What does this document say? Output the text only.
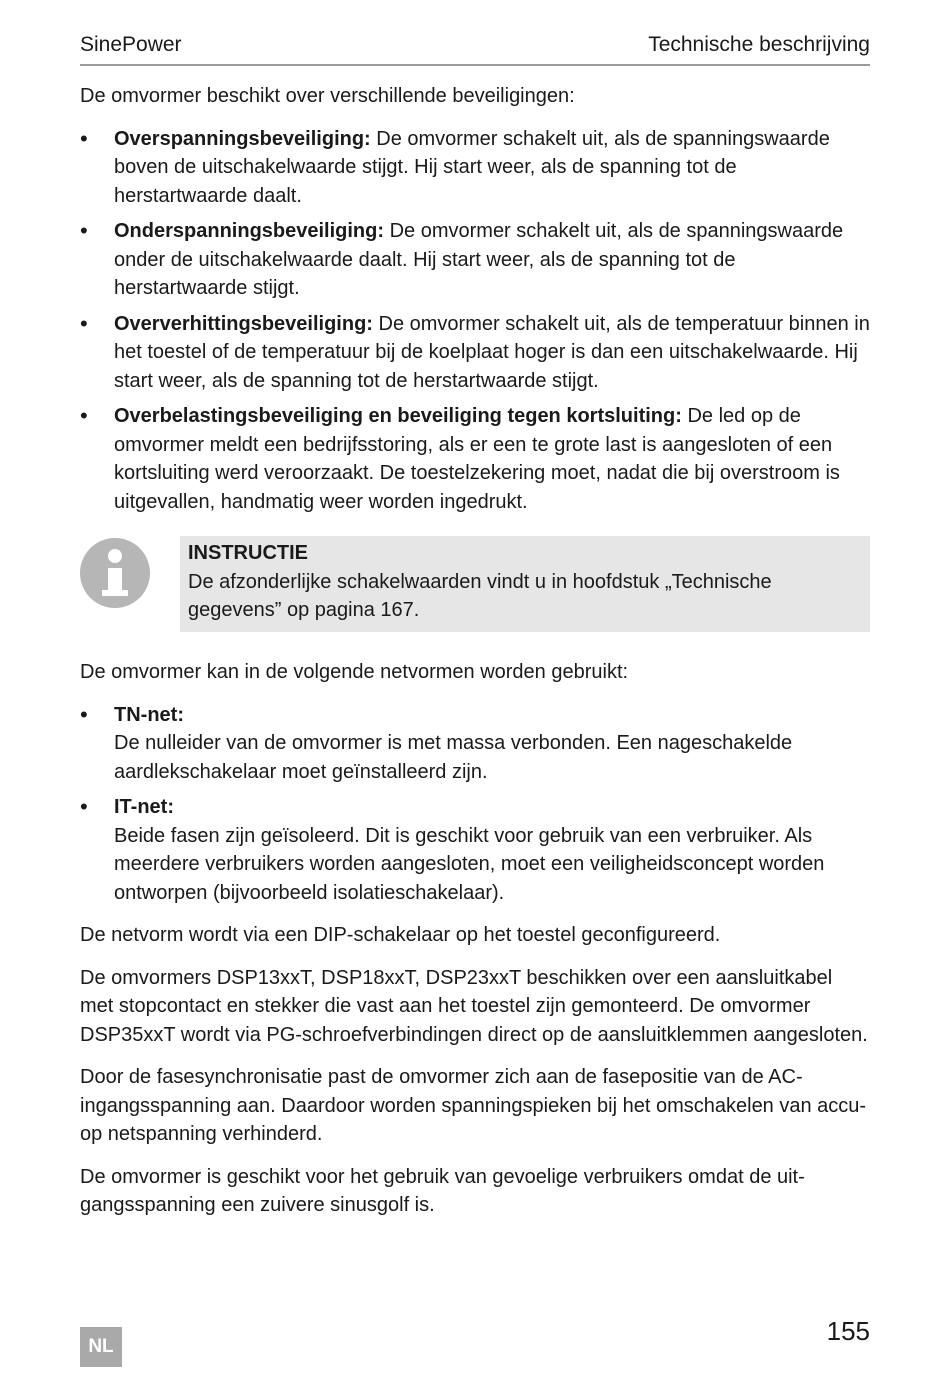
SinePower	Technische beschrijving

De omvormer beschikt over verschillende beveiligingen:

• Overspanningsbeveiliging: De omvormer schakelt uit, als de spanningswaarde boven de uitschakelwaarde stijgt. Hij start weer, als de spanning tot de herstartwaarde daalt.
• Onderspanningsbeveiliging: De omvormer schakelt uit, als de spanningswaarde onder de uitschakelwaarde daalt. Hij start weer, als de spanning tot de herstartwaarde stijgt.
• Oververhittingsbeveiliging: De omvormer schakelt uit, als de temperatuur binnen in het toestel of de temperatuur bij de koelplaat hoger is dan een uitschakelwaarde. Hij start weer, als de spanning tot de herstartwaarde stijgt.
• Overbelastingsbeveiliging en beveiliging tegen kortsluiting: De led op de omvormer meldt een bedrijfsstoring, als er een te grote last is aangesloten of een kortsluiting werd veroorzaakt. De toestelzekering moet, nadat die bij overstroom is uitgevallen, handmatig weer worden ingedrukt.
INSTRUCTIE
De afzonderlijke schakelwaarden vindt u in hoofdstuk „Technische gegevens” op pagina 167.

De omvormer kan in de volgende netvormen worden gebruikt:

• TN-net:
De nulleider van de omvormer is met massa verbonden. Een nageschakelde aardlekschakelaar moet geïnstalleerd zijn.
• IT-net:
Beide fasen zijn geïsoleerd. Dit is geschikt voor gebruik van een verbruiker. Als meerdere verbruikers worden aangesloten, moet een veiligheidsconcept worden ontworpen (bijvoorbeeld isolatieschakelaar).

De netvorm wordt via een DIP-schakelaar op het toestel geconfigureerd.

De omvormers DSP13xxT, DSP18xxT, DSP23xxT beschikken over een aansluitkabel met stopcontact en stekker die vast aan het toestel zijn gemonteerd. De omvormer DSP35xxT wordt via PG-schroefverbindingen direct op de aansluitklemmen aangesloten.

Door de fasesynchronisatie past de omvormer zich aan de fasepositie van de AC-ingangsspanning aan. Daardoor worden spanningspieken bij het omschakelen van accu- op netspanning verhinderd.

De omvormer is geschikt voor het gebruik van gevoelige verbruikers omdat de uitgangsspanning een zuivere sinusgolf is.

NL
155
